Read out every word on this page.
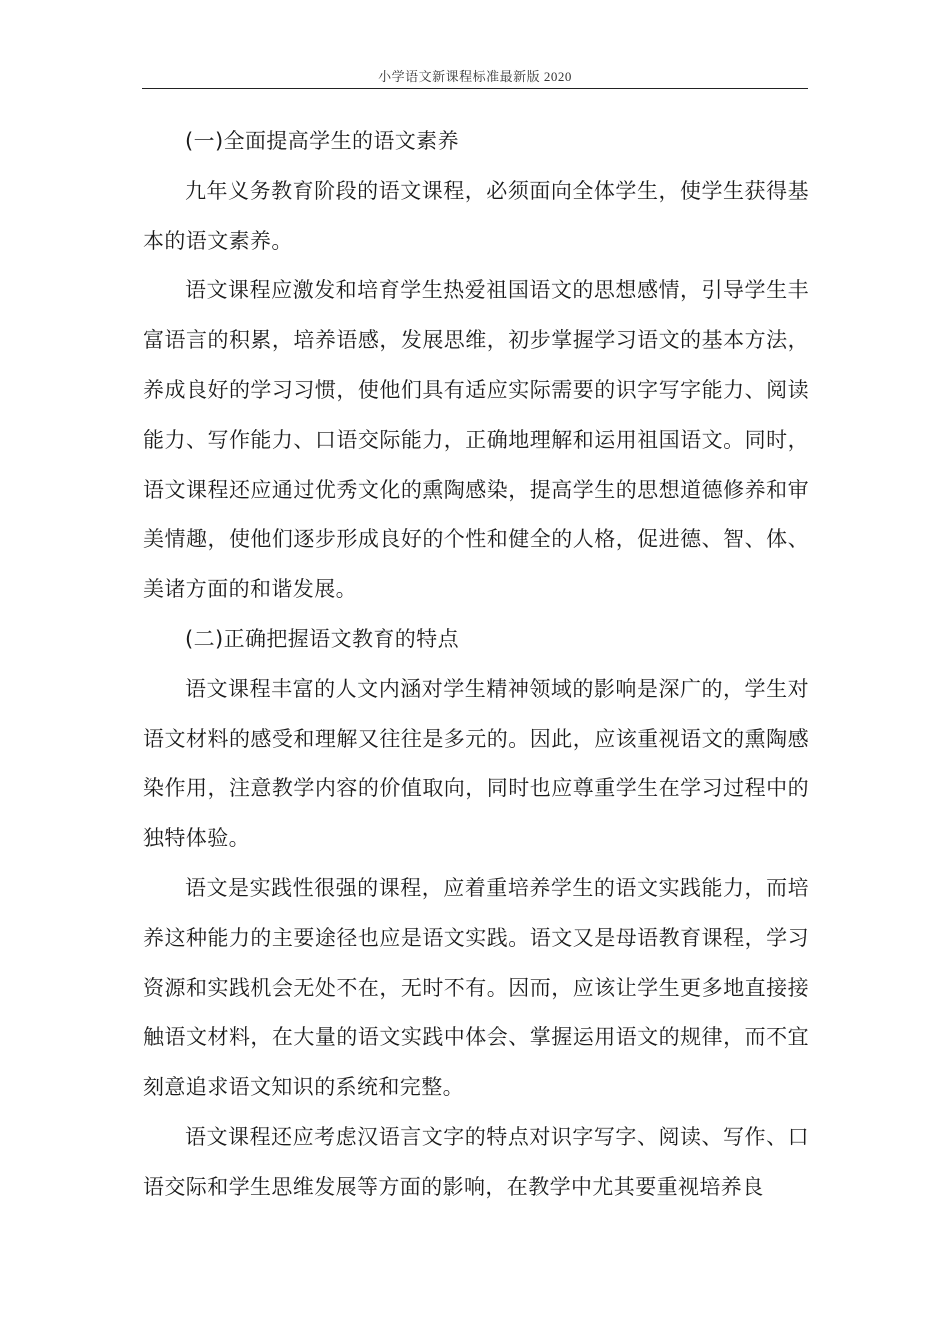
小学语文新课程标准最新版 2020

(一)全面提高学生的语文素养

九年义务教育阶段的语文课程，必须面向全体学生，使学生获得基本的语文素养。

语文课程应激发和培育学生热爱祖国语文的思想感情，引导学生丰富语言的积累，培养语感，发展思维，初步掌握学习语文的基本方法，养成良好的学习习惯，使他们具有适应实际需要的识字写字能力、阅读能力、写作能力、口语交际能力，正确地理解和运用祖国语文。同时，语文课程还应通过优秀文化的熏陶感染，提高学生的思想道德修养和审美情趣，使他们逐步形成良好的个性和健全的人格，促进德、智、体、美诸方面的和谐发展。

(二)正确把握语文教育的特点

语文课程丰富的人文内涵对学生精神领域的影响是深广的，学生对语文材料的感受和理解又往往是多元的。因此，应该重视语文的熏陶感染作用，注意教学内容的价值取向，同时也应尊重学生在学习过程中的独特体验。

语文是实践性很强的课程，应着重培养学生的语文实践能力，而培养这种能力的主要途径也应是语文实践。语文又是母语教育课程，学习资源和实践机会无处不在，无时不有。因而，应该让学生更多地直接接触语文材料，在大量的语文实践中体会、掌握运用语文的规律，而不宜刻意追求语文知识的系统和完整。

语文课程还应考虑汉语言文字的特点对识字写字、阅读、写作、口语交际和学生思维发展等方面的影响，在教学中尤其要重视培养良
